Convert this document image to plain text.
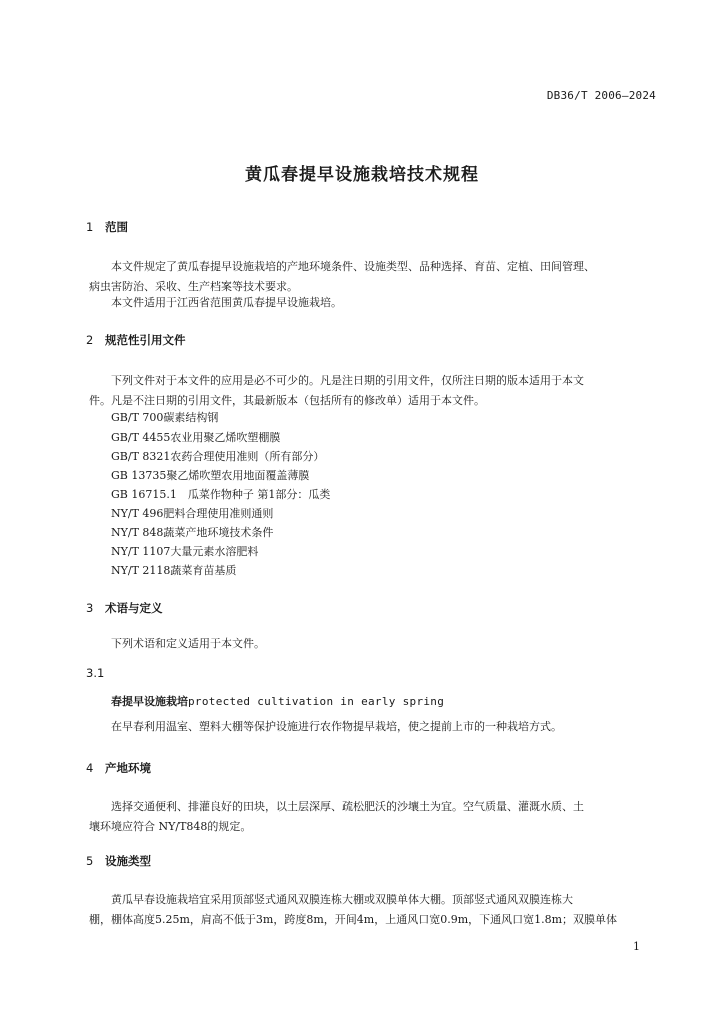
DB36/T 2006—2024
黄瓜春提早设施栽培技术规程
1 范围
本文件规定了黄瓜春提早设施栽培的产地环境条件、设施类型、品种选择、育苗、定植、田间管理、
病虫害防治、采收、生产档案等技术要求。
本文件适用于江西省范围黄瓜春提早设施栽培。
2 规范性引用文件
下列文件对于本文件的应用是必不可少的。凡是注日期的引用文件，仅所注日期的版本适用于本文
件。凡是不注日期的引用文件，其最新版本（包括所有的修改单）适用于本文件。
GB/T 700碳素结构钢
GB/T 4455农业用聚乙烯吹塑棚膜
GB/T 8321农药合理使用准则（所有部分）
GB 13735聚乙烯吹塑农用地面覆盖薄膜
GB 16715.1　瓜菜作物种子 第1部分：瓜类
NY/T 496肥料合理使用准则通则
NY/T 848蔬菜产地环境技术条件
NY/T 1107大量元素水溶肥料
NY/T 2118蔬菜育苗基质
3 术语与定义
下列术语和定义适用于本文件。
3.1
春提早设施栽培protected cultivation in early spring
在早春利用温室、塑料大棚等保护设施进行农作物提早栽培，使之提前上市的一种栽培方式。
4 产地环境
选择交通便利、排灌良好的田块，以土层深厚、疏松肥沃的沙壤土为宜。空气质量、灌溉水质、土
壤环境应符合 NY/T848的规定。
5 设施类型
黄瓜早春设施栽培宜采用顶部竖式通风双膜连栋大棚或双膜单体大棚。顶部竖式通风双膜连栋大
棚，棚体高度5.25m，肩高不低于3m，跨度8m，开间4m，上通风口宽0.9m，下通风口宽1.8m；双膜单体
1
